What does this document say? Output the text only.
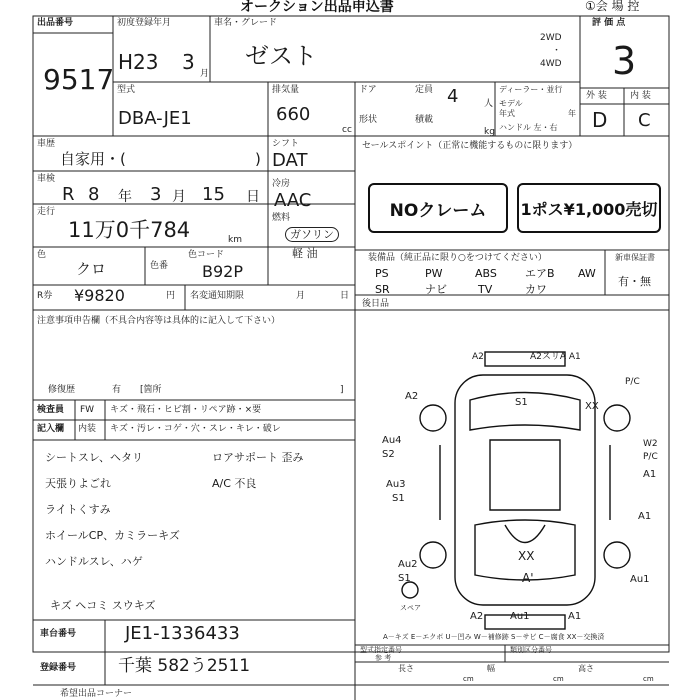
オークション出品申込書	①会 場 控
出品番号
9517
初度登録年月
H23 3 月
型式
DBA-JE1
車名・グレード
ゼスト
2WD
・
4WD
排気量
660
cc
ドア	定員 4	人
形状	積載
kg
ディーラー・並行
モデル
年式	年
ハンドル 左・右
評 価 点
3
外 装	内 装
D C
車歴
自家用・(	)
車検
R 8 年 3 月 15 日
走行
11万0千784	km
色
クロ	色番
色コード
B92P
シフト
DAT
冷房
AAC
燃料
ガソリン
軽 油
R券 ¥9820	円 名変通知期限	月	日
セールスポイント（正常に機能するものに限ります）
NOクレーム 1ポス¥1,000売切
装備品（純正品に限り○をつけてください）
PS	PW	ABS	エアB AW
SR	ナビ	TV	カワ
新車保証書
有・無
後日品
注意事項申告欄（不具合内容等は具体的に記入して下さい）
修復歴	有 [箇所	]
検査員
記入欄
FW キズ・飛石・ヒビ割・リペア跡・×要
内装 キズ・汚レ・コゲ・穴・スレ・キレ・破レ
シートスレ、ヘタリ
天張りよごれ
ライトくすみ
ホイールCP、カミラーキズ
ハンドルスレ、ハゲ
キズ ヘコミ スウキズ
ロアサポート 歪み
A/C 不良
A2	A2スリA A1
P/C
A2
S1	XX
Au4
S2
Au3
S1
W2
P/C
A1
A1
Au2
S1
XX
A'	Au1
A2	Au1	A1
スペア
A－キズ E－エクボ U－凹み W－補修跡 S－サビ C－腐食 XX－交換済
車台番号	JE1-1336433
登録番号 千葉 582う2511
型式指定番号	類別区分番号
参 考
長さ	幅	高さ
cm	cm	cm
希望出品コーナー
